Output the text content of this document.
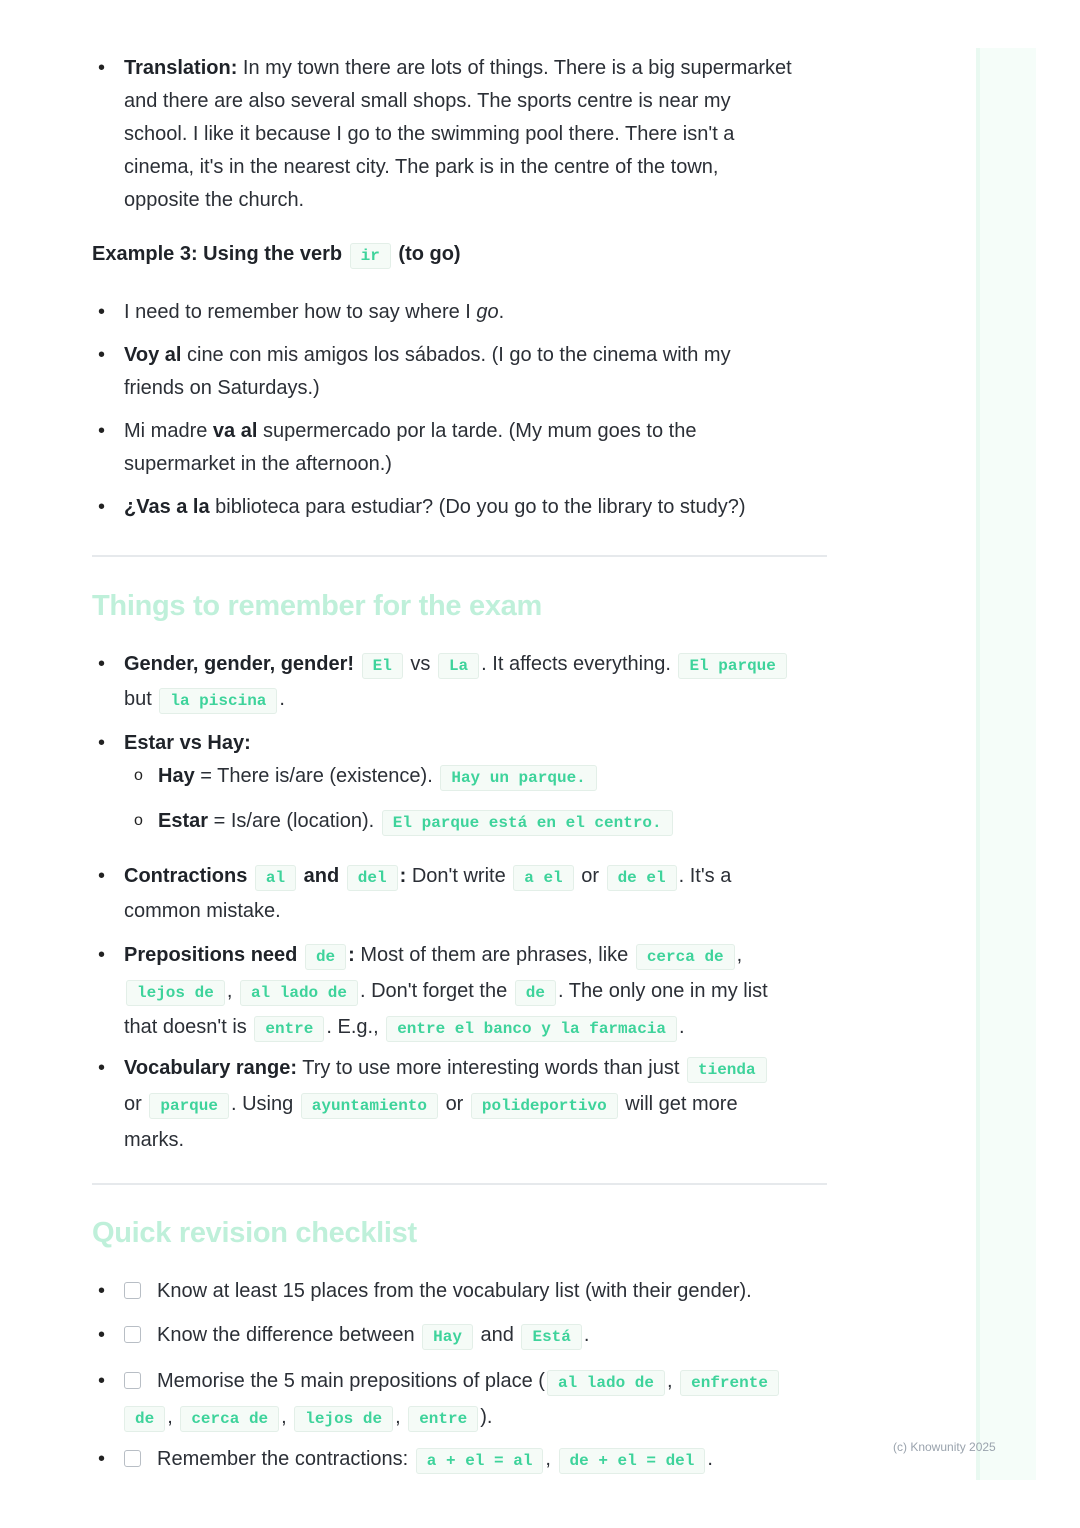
(c) Knowunity 2025
• Translation: In my town there are lots of things. There is a big supermarket
and there are also several small shops. The sports centre is near my
school. I like it because I go to the swimming pool there. There isn't a
cinema, it's in the nearest city. The park is in the centre of the town,
opposite the church.
Example 3: Using the verb ir (to go)
• I need to remember how to say where I go.
• Voy al cine con mis amigos los sábados. (I go to the cinema with my
friends on Saturdays.)
• Mi madre va al supermercado por la tarde. (My mum goes to the
supermarket in the afternoon.)
• ¿Vas a la biblioteca para estudiar? (Do you go to the library to study?)
Things to remember for the exam
• Gender, gender, gender! El vs La . It affects everything. El parque
but la piscina .
• Estar vs Hay:
o Hay = There is/are (existence). Hay un parque.
o Estar = Is/are (location). El parque está en el centro.
• Contractions al and del : Don't write a el or de el . It's a
common mistake.
• Prepositions need de : Most of them are phrases, like cerca de ,
lejos de , al lado de . Don't forget the de . The only one in my list
that doesn't is entre . E.g., entre el banco y la farmacia .
• Vocabulary range: Try to use more interesting words than just tienda
or parque . Using ayuntamiento or polideportivo will get more
marks.
Quick revision checklist
• Know at least 15 places from the vocabulary list (with their gender).
• Know the difference between Hay and Está .
• Memorise the 5 main prepositions of place ( al lado de , enfrente
de , cerca de , lejos de , entre ).
• Remember the contractions: a + el = al , de + el = del .
